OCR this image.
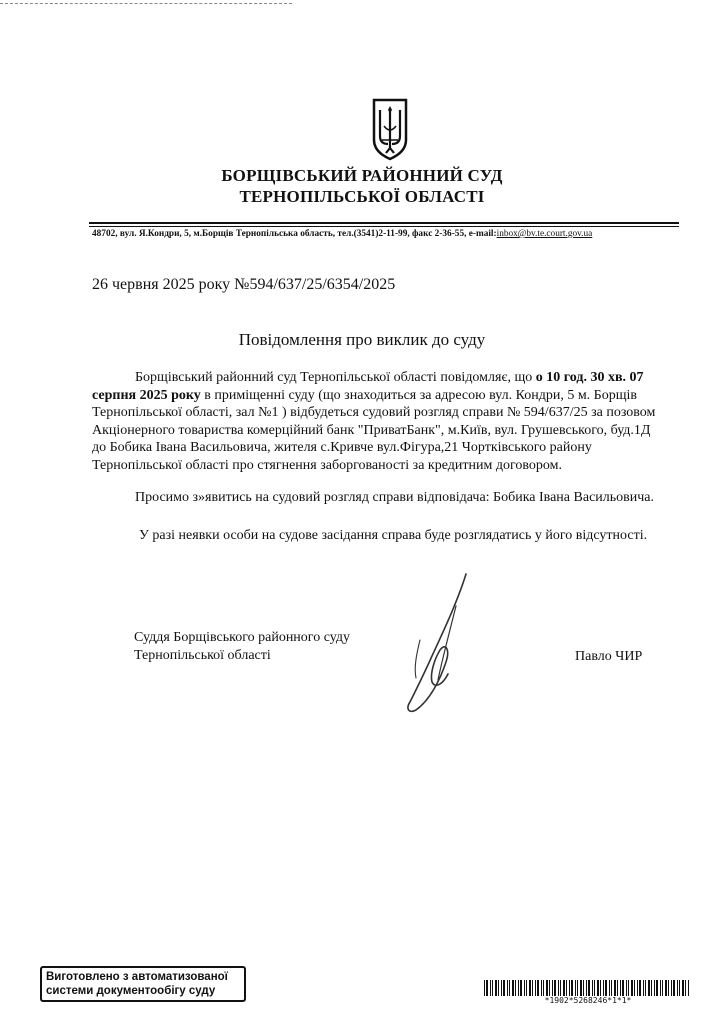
БОРЩІВСЬКИЙ РАЙОННИЙ СУД
ТЕРНОПІЛЬСЬКОЇ ОБЛАСТІ
48702, вул. Я.Кондри, 5, м.Борщів Тернопільська область, тел.(3541)2-11-99, факс 2-36-55, e-mail:inbox@bv.te.court.gov.ua
26 червня 2025 року №594/637/25/6354/2025
Повідомлення про виклик до суду
Борщівський районний суд Тернопільської області повідомляє, що о 10 год. 30 хв. 07
серпня 2025 року в приміщенні суду (що знаходиться за адресою вул. Кондри, 5 м. Борщів
Тернопільської області, зал №1 ) відбудеться судовий розгляд справи № 594/637/25 за позовом
Акціонерного товариства комерційний банк "ПриватБанк", м.Київ, вул. Грушевського, буд.1Д
до Бобика Івана Васильовича, жителя с.Кривче вул.Фігура,21 Чортківського району
Тернопільської області про стягнення заборгованості за кредитним договором.
Просимо з»явитись на судовий розгляд справи відповідача: Бобика Івана Васильовича.
У разі неявки особи на судове засідання справа буде розглядатись у його відсутності.
Суддя Борщівського районного суду
Тернопільської області	Павло ЧИР
Виготовлено з автоматизованої
системи документообігу суду
*1902*5268246*1*1*
